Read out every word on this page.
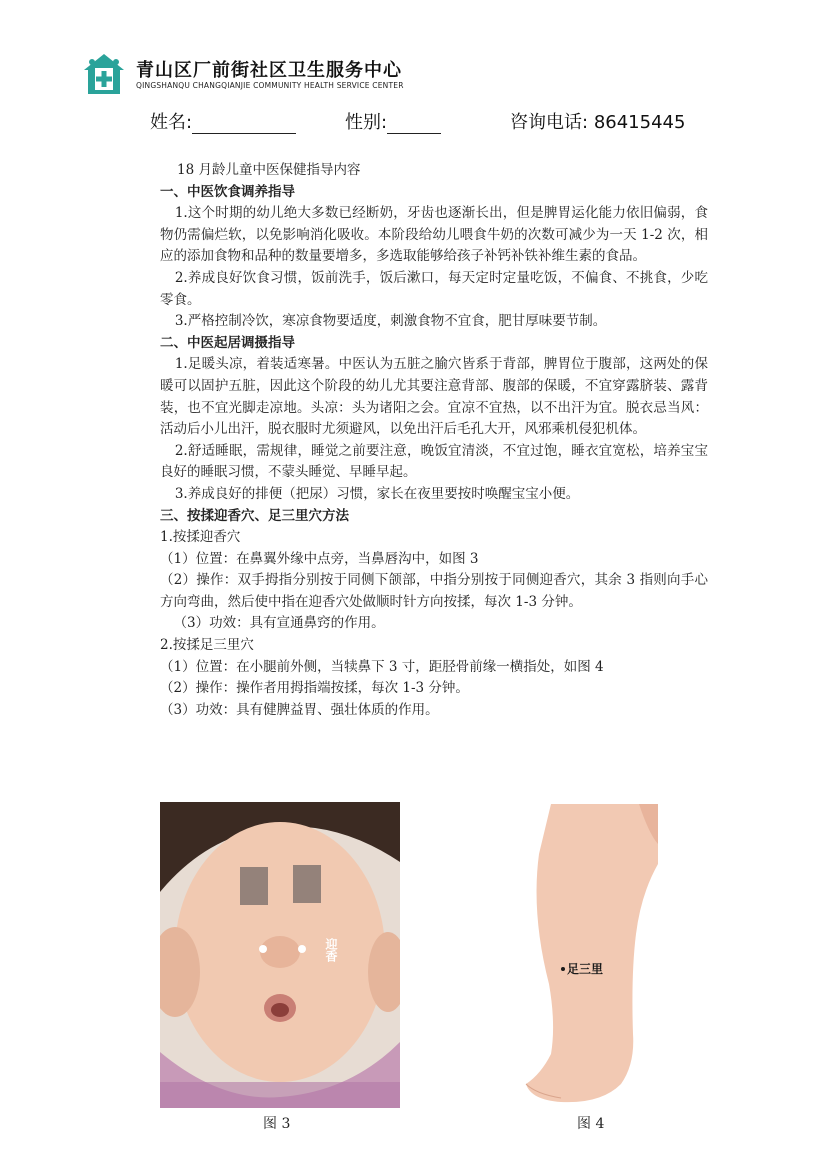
青山区厂前街社区卫生服务中心
QINGSHANQU CHANGQIANJIE COMMUNITY HEALTH SERVICE CENTER
姓名:	性别:	咨询电话: 86415445
18 月龄儿童中医保健指导内容
一、中医饮食调养指导
1.这个时期的幼儿绝大多数已经断奶，牙齿也逐渐长出，但是脾胃运化能力依旧偏弱，食物仍需偏烂软，以免影响消化吸收。本阶段给幼儿喂食牛奶的次数可减少为一天 1-2 次，相应的添加食物和品种的数量要增多，多选取能够给孩子补钙补铁补维生素的食品。
2.养成良好饮食习惯，饭前洗手，饭后漱口，每天定时定量吃饭，不偏食、不挑食，少吃零食。
3.严格控制冷饮，寒凉食物要适度，刺激食物不宜食，肥甘厚味要节制。
二、中医起居调摄指导
1.足暖头凉，着装适寒暑。中医认为五脏之腧穴皆系于背部，脾胃位于腹部，这两处的保暖可以固护五脏，因此这个阶段的幼儿尤其要注意背部、腹部的保暖，不宜穿露脐装、露背装，也不宜光脚走凉地。头凉：头为诸阳之会。宜凉不宜热，以不出汗为宜。脱衣忌当风：活动后小儿出汗，脱衣服时尤须避风，以免出汗后毛孔大开，风邪乘机侵犯机体。
2.舒适睡眠，需规律，睡觉之前要注意，晚饭宜清淡，不宜过饱，睡衣宜宽松，培养宝宝良好的睡眠习惯，不蒙头睡觉、早睡早起。
3.养成良好的排便（把尿）习惯，家长在夜里要按时唤醒宝宝小便。
三、按揉迎香穴、足三里穴方法
1.按揉迎香穴
（1）位置：在鼻翼外缘中点旁，当鼻唇沟中，如图 3
（2）操作：双手拇指分别按于同侧下颌部，中指分别按于同侧迎香穴，其余 3 指则向手心方向弯曲，然后使中指在迎香穴处做顺时针方向按揉，每次 1-3 分钟。
（3）功效：具有宣通鼻窍的作用。
2.按揉足三里穴
（1）位置：在小腿前外侧，当犊鼻下 3 寸，距胫骨前缘一横指处，如图 4
（2）操作：操作者用拇指端按揉，每次 1-3 分钟。
（3）功效：具有健脾益胃、强壮体质的作用。
迎香
足三里
图 3	图 4
